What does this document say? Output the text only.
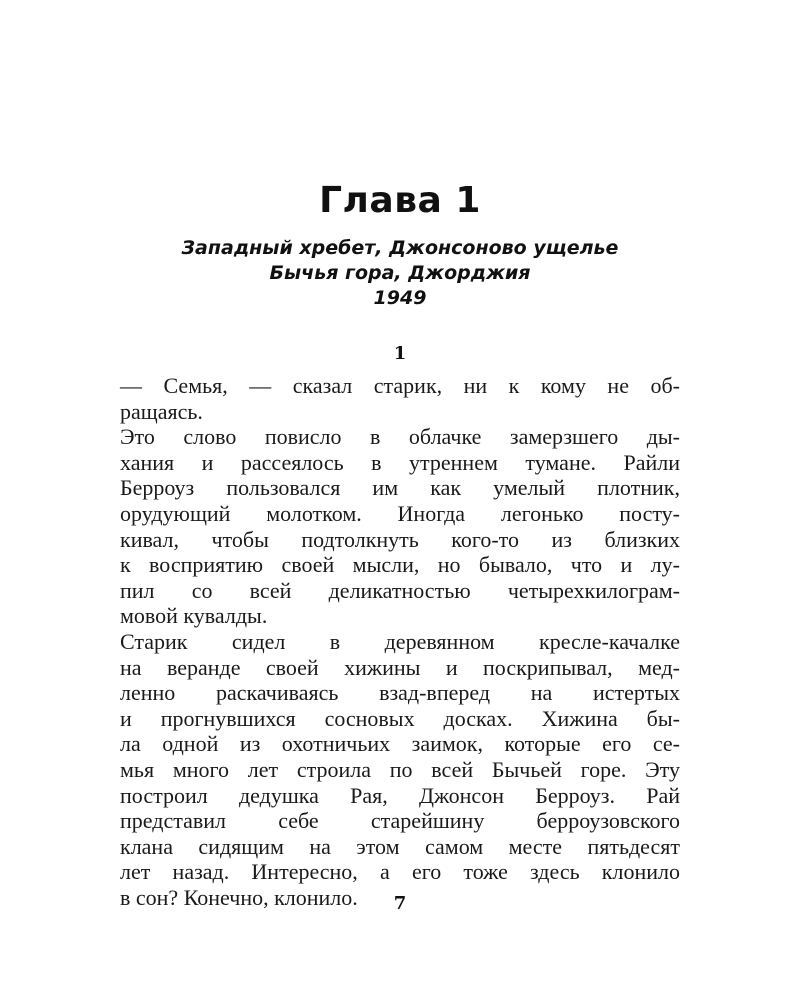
Глава 1
Западный хребет, Джонсоново ущелье
Бычья гора, Джорджия
1949
1
— Семья, — сказал старик, ни к кому не об-
ращаясь.
Это слово повисло в облачке замерзшего ды-
хания и рассеялось в утреннем тумане. Райли
Берроуз пользовался им как умелый плотник,
орудующий молотком. Иногда легонько посту-
кивал, чтобы подтолкнуть кого-то из близких
к восприятию своей мысли, но бывало, что и лу-
пил со всей деликатностью четырехкилограм-
мовой кувалды.
Старик сидел в деревянном кресле-качалке
на веранде своей хижины и поскрипывал, мед-
ленно раскачиваясь взад-вперед на истертых
и прогнувшихся сосновых досках. Хижина бы-
ла одной из охотничьих заимок, которые его се-
мья много лет строила по всей Бычьей горе. Эту
построил дедушка Рая, Джонсон Берроуз. Рай
представил себе старейшину берроузовского
клана сидящим на этом самом месте пятьдесят
лет назад. Интересно, а его тоже здесь клонило
в сон? Конечно, клонило.	7
